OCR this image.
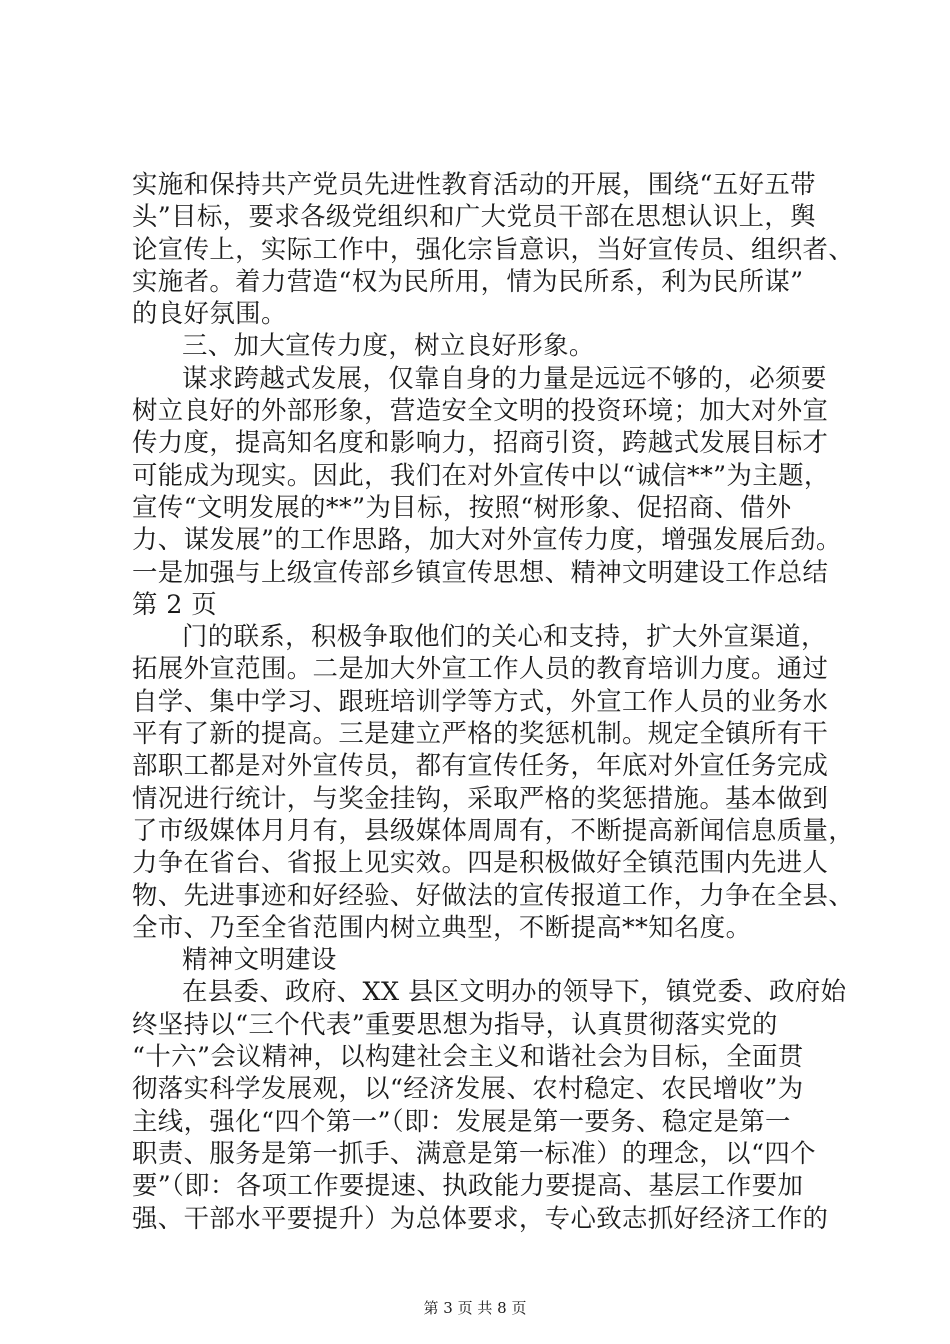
实施和保持共产党员先进性教育活动的开展，围绕“五好五带
头”目标，要求各级党组织和广大党员干部在思想认识上，舆
论宣传上，实际工作中，强化宗旨意识，当好宣传员、组织者、
实施者。着力营造“权为民所用，情为民所系，利为民所谋”
的良好氛围。
三、加大宣传力度，树立良好形象。
谋求跨越式发展，仅靠自身的力量是远远不够的，必须要
树立良好的外部形象，营造安全文明的投资环境；加大对外宣
传力度，提高知名度和影响力，招商引资，跨越式发展目标才
可能成为现实。因此，我们在对外宣传中以“诚信**”为主题，
宣传“文明发展的**”为目标，按照“树形象、促招商、借外
力、谋发展”的工作思路，加大对外宣传力度，增强发展后劲。
一是加强与上级宣传部乡镇宣传思想、精神文明建设工作总结
第 2 页
门的联系，积极争取他们的关心和支持，扩大外宣渠道，
拓展外宣范围。二是加大外宣工作人员的教育培训力度。通过
自学、集中学习、跟班培训学等方式，外宣工作人员的业务水
平有了新的提高。三是建立严格的奖惩机制。规定全镇所有干
部职工都是对外宣传员，都有宣传任务，年底对外宣任务完成
情况进行统计，与奖金挂钩，采取严格的奖惩措施。基本做到
了市级媒体月月有，县级媒体周周有，不断提高新闻信息质量，
力争在省台、省报上见实效。四是积极做好全镇范围内先进人
物、先进事迹和好经验、好做法的宣传报道工作，力争在全县、
全市、乃至全省范围内树立典型，不断提高**知名度。
精神文明建设
在县委、政府、XX 县区文明办的领导下，镇党委、政府始
终坚持以“三个代表”重要思想为指导，认真贯彻落实党的
“十六”会议精神，以构建社会主义和谐社会为目标，全面贯
彻落实科学发展观，以“经济发展、农村稳定、农民增收”为
主线，强化“四个第一”（即：发展是第一要务、稳定是第一
职责、服务是第一抓手、满意是第一标准）的理念，以“四个
要”（即：各项工作要提速、执政能力要提高、基层工作要加
强、干部水平要提升）为总体要求，专心致志抓好经济工作的
第 3 页 共 8 页
